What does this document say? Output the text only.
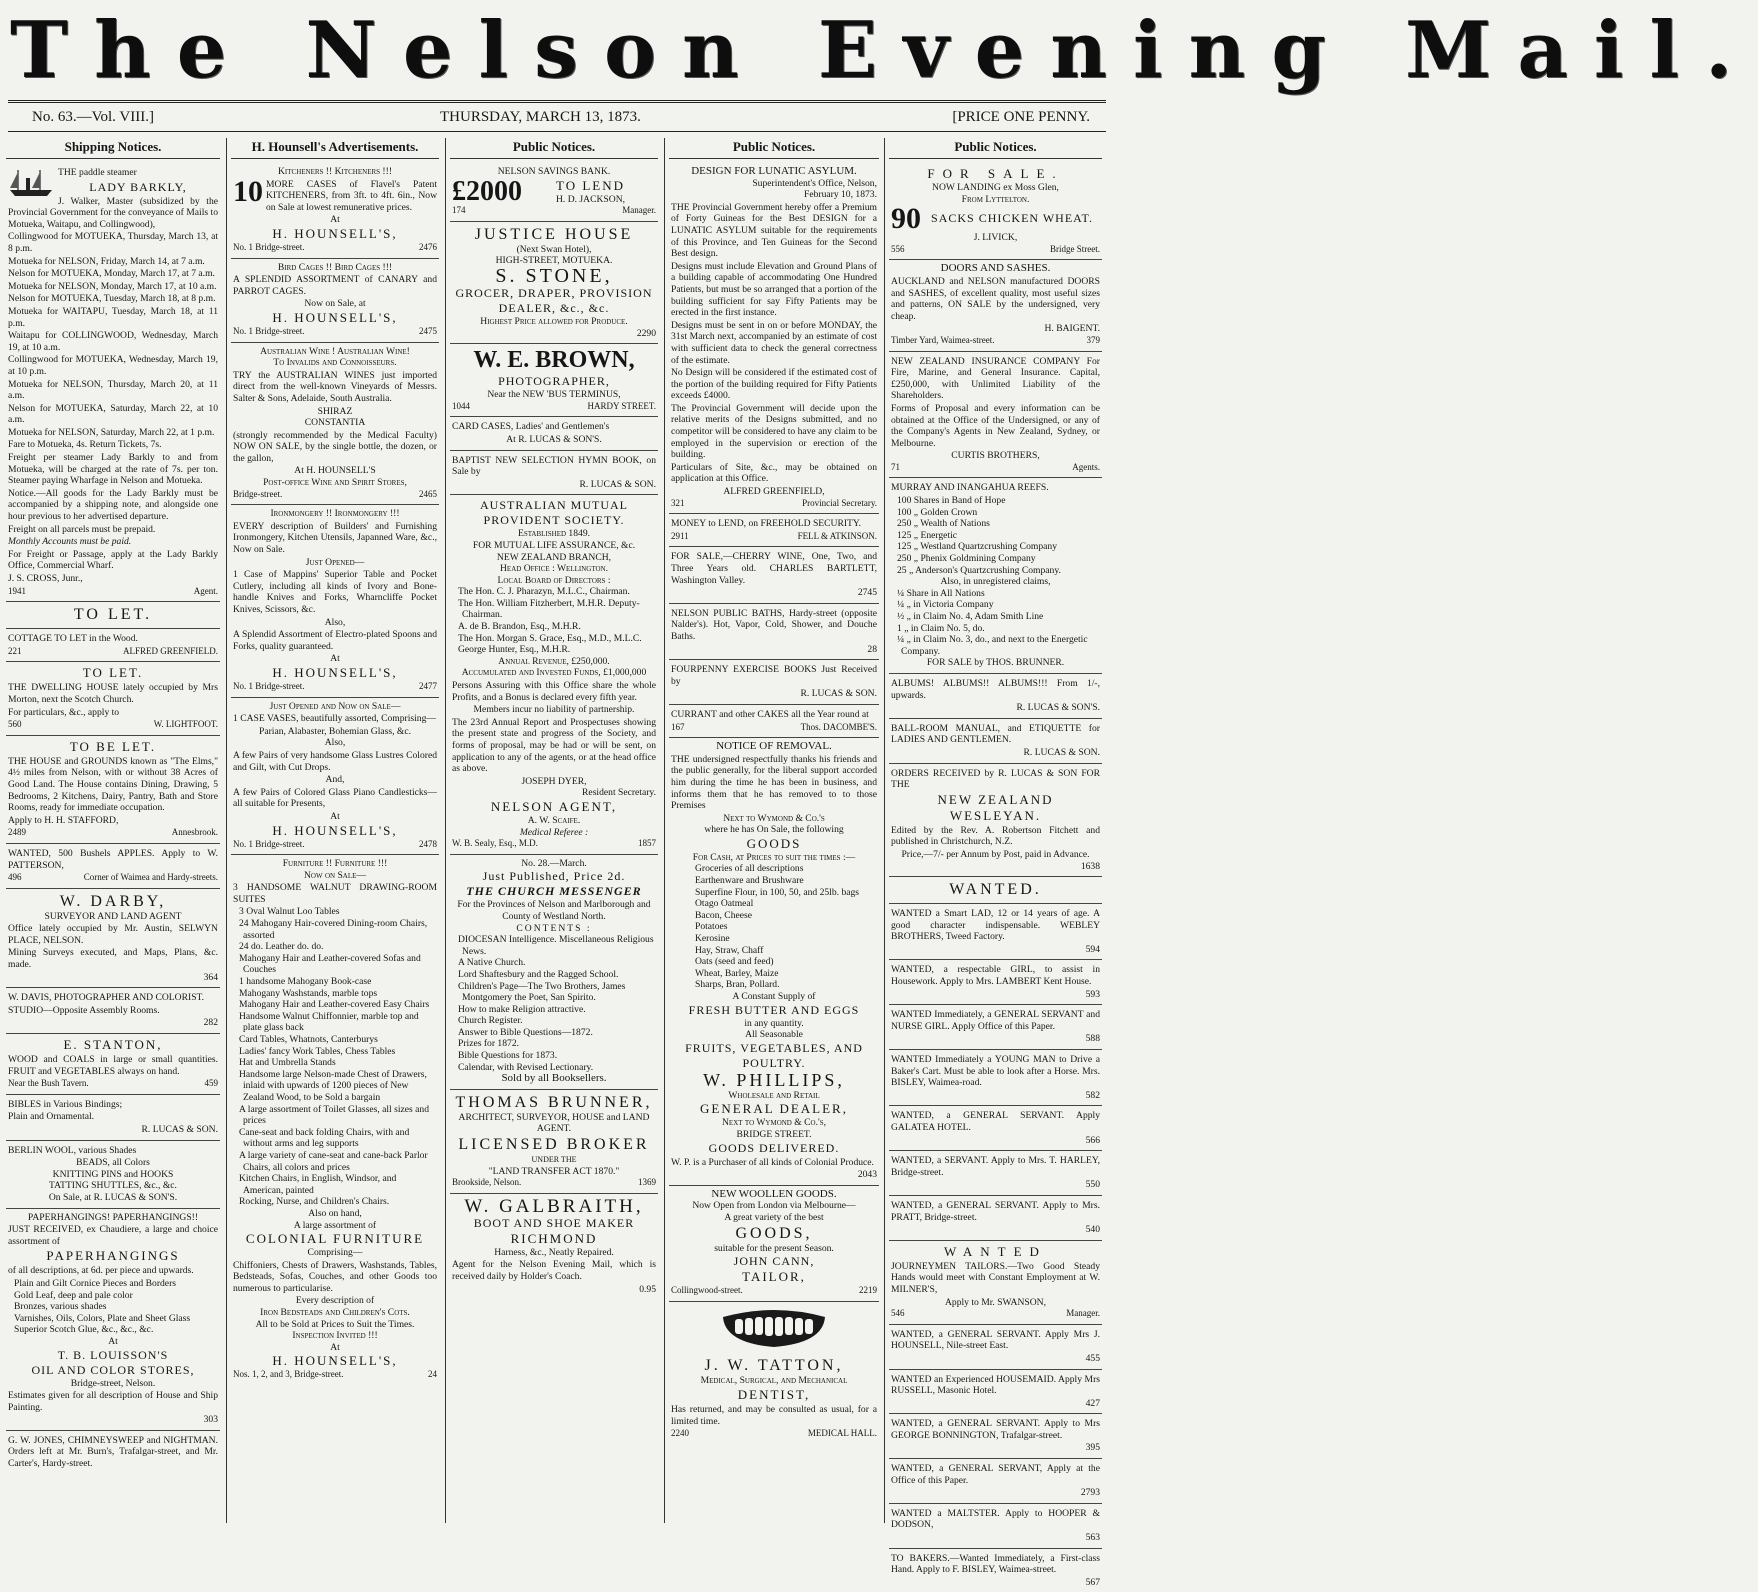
The Nelson Evening Mail.
No. 63.—Vol. VIII.]	THURSDAY, MARCH 13, 1873.	[PRICE ONE PENNY.
Shipping Notices.
THE paddle steamer
LADY BARKLY,
J. Walker, Master (subsidized by the Provincial Government for the conveyance of Mails to Motueka, Waitapu, and Collingwood),
Collingwood for MOTUEKA, Thursday, March 13, at 8 p.m.
Motueka for NELSON, Friday, March 14, at 7 a.m.
Nelson for MOTUEKA, Monday, March 17, at 7 a.m.
Motueka for NELSON, Monday, March 17, at 10 a.m.
Nelson for MOTUEKA, Tuesday, March 18, at 8 p.m.
Motueka for WAITAPU, Tuesday, March 18, at 11 p.m.
Waitapu for COLLINGWOOD, Wednesday, March 19, at 10 a.m.
Collingwood for MOTUEKA, Wednesday, March 19, at 10 p.m.
Motueka for NELSON, Thursday, March 20, at 11 a.m.
Nelson for MOTUEKA, Saturday, March 22, at 10 a.m.
Motueka for NELSON, Saturday, March 22, at 1 p.m.
Fare to Motueka, 4s. Return Tickets, 7s.
Freight per steamer Lady Barkly to and from Motueka, will be charged at the rate of 7s. per ton. Steamer paying Wharfage in Nelson and Motueka.
Notice.—All goods for the Lady Barkly must be accompanied by a shipping note, and alongside one hour previous to her advertised departure.
Freight on all parcels must be prepaid.
Monthly Accounts must be paid.
For Freight or Passage, apply at the Lady Barkly Office, Commercial Wharf.
J. S. CROSS, Junr.,
1941	Agent.
TO LET.
COTTAGE TO LET in the Wood.
221	ALFRED GREENFIELD.
TO LET.
THE DWELLING HOUSE lately occupied by Mrs Morton, next the Scotch Church.
For particulars, &c., apply to
560	W. LIGHTFOOT.
TO BE LET.
THE HOUSE and GROUNDS known as "The Elms," 4½ miles from Nelson, with or without 38 Acres of Good Land. The House contains Dining, Drawing, 5 Bedrooms, 2 Kitchens, Dairy, Pantry, Bath and Store Rooms, ready for immediate occupation.
Apply to H. H. STAFFORD,
2489	Annesbrook.
WANTED, 500 Bushels APPLES. Apply to W. PATTERSON,
496	Corner of Waimea and Hardy-streets.
W. DARBY,
SURVEYOR AND LAND AGENT
Office lately occupied by Mr. Austin, SELWYN PLACE, NELSON.
Mining Surveys executed, and Maps, Plans, &c. made.
364
W. DAVIS, PHOTOGRAPHER AND COLORIST.
STUDIO—Opposite Assembly Rooms.
282
E. STANTON,
WOOD and COALS in large or small quantities. FRUIT and VEGETABLES always on hand.
Near the Bush Tavern.	459
BIBLES in Various Bindings;
Plain and Ornamental.
R. LUCAS & SON.
BERLIN WOOL, various Shades
BEADS, all Colors
KNITTING PINS and HOOKS
TATTING SHUTTLES, &c., &c.
On Sale, at R. LUCAS & SON'S.
PAPERHANGINGS! PAPERHANGINGS!!
JUST RECEIVED, ex Chaudiere, a large and choice assortment of
PAPERHANGINGS
of all descriptions, at 6d. per piece and upwards.
Plain and Gilt Cornice Pieces and Borders
Gold Leaf, deep and pale color
Bronzes, various shades
Varnishes, Oils, Colors, Plate and Sheet Glass
Superior Scotch Glue, &c., &c., &c.
At
T. B. LOUISSON'S
OIL AND COLOR STORES,
Bridge-street, Nelson.
Estimates given for all description of House and Ship Painting.
303
G. W. JONES, CHIMNEYSWEEP and NIGHTMAN. Orders left at Mr. Burn's, Trafalgar-street, and Mr. Carter's, Hardy-street.
H. Hounsell's Advertisements.
Kitcheners !! Kitcheners !!!
10 MORE CASES of Flavel's Patent KITCHENERS, from 3ft. to 4ft. 6in., Now on Sale at lowest remunerative prices.
At
H. HOUNSELL'S,
No. 1 Bridge-street.	2476
Bird Cages !! Bird Cages !!!
A SPLENDID ASSORTMENT of CANARY and PARROT CAGES.
Now on Sale, at
H. HOUNSELL'S,
No. 1 Bridge-street.	2475
Australian Wine ! Australian Wine!
To Invalids and Connoisseurs.
TRY the AUSTRALIAN WINES just imported direct from the well-known Vineyards of Messrs. Salter & Sons, Adelaide, South Australia.
SHIRAZ
CONSTANTIA
(strongly recommended by the Medical Faculty) NOW ON SALE, by the single bottle, the dozen, or the gallon,
At H. HOUNSELL'S
Post-office Wine and Spirit Stores,
Bridge-street.	2465
Ironmongery !! Ironmongery !!!
EVERY description of Builders' and Furnishing Ironmongery, Kitchen Utensils, Japanned Ware, &c., Now on Sale.
Just Opened—
1 Case of Mappins' Superior Table and Pocket Cutlery, including all kinds of Ivory and Bone-handle Knives and Forks, Wharncliffe Pocket Knives, Scissors, &c.
Also,
A Splendid Assortment of Electro-plated Spoons and Forks, quality guaranteed.
At
H. HOUNSELL'S,
No. 1 Bridge-street.	2477
Just Opened and Now on Sale—
1 CASE VASES, beautifully assorted, Comprising—
Parian, Alabaster, Bohemian Glass, &c.
Also,
A few Pairs of very handsome Glass Lustres Colored and Gilt, with Cut Drops.
And,
A few Pairs of Colored Glass Piano Candlesticks—all suitable for Presents,
At
H. HOUNSELL'S,
No. 1 Bridge-street.	2478
Furniture !! Furniture !!!
Now on Sale—
3 HANDSOME WALNUT DRAWING-ROOM SUITES
3 Oval Walnut Loo Tables
24 Mahogany Hair-covered Dining-room Chairs, assorted
24 do. Leather do. do.
Mahogany Hair and Leather-covered Sofas and Couches
1 handsome Mahogany Book-case
Mahogany Washstands, marble tops
Mahogany Hair and Leather-covered Easy Chairs
Handsome Walnut Chiffonnier, marble top and plate glass back
Card Tables, Whatnots, Canterburys
Ladies' fancy Work Tables, Chess Tables
Hat and Umbrella Stands
Handsome large Nelson-made Chest of Drawers, inlaid with upwards of 1200 pieces of New Zealand Wood, to be Sold a bargain
A large assortment of Toilet Glasses, all sizes and prices
Cane-seat and back folding Chairs, with and without arms and leg supports
A large variety of cane-seat and cane-back Parlor Chairs, all colors and prices
Kitchen Chairs, in English, Windsor, and American, painted
Rocking, Nurse, and Children's Chairs.
Also on hand,
A large assortment of
COLONIAL FURNITURE
Comprising—
Chiffoniers, Chests of Drawers, Washstands, Tables, Bedsteads, Sofas, Couches, and other Goods too numerous to particularise.
Every description of
Iron Bedsteads and Children's Cots.
All to be Sold at Prices to Suit the Times.
Inspection Invited !!!
At
H. HOUNSELL'S,
Nos. 1, 2, and 3, Bridge-street.	24
Public Notices.
NELSON SAVINGS BANK.
£2000	TO LEND
H. D. JACKSON,
174	Manager.
JUSTICE HOUSE
(Next Swan Hotel),
HIGH-STREET, MOTUEKA.
S. STONE,
GROCER, DRAPER, PROVISION DEALER, &c., &c.
Highest Price allowed for Produce.
2290
W. E. BROWN,
PHOTOGRAPHER,
Near the NEW 'BUS TERMINUS,
1044	HARDY STREET.
CARD CASES, Ladies' and Gentlemen's
At R. LUCAS & SON'S.
BAPTIST NEW SELECTION HYMN BOOK, on Sale by
R. LUCAS & SON.
AUSTRALIAN MUTUAL PROVIDENT SOCIETY.
Established 1849.
FOR MUTUAL LIFE ASSURANCE, &c.
NEW ZEALAND BRANCH,
Head Office : Wellington.
Local Board of Directors :
The Hon. C. J. Pharazyn, M.L.C., Chairman.
The Hon. William Fitzherbert, M.H.R. Deputy-Chairman.
A. de B. Brandon, Esq., M.H.R.
The Hon. Morgan S. Grace, Esq., M.D., M.L.C.
George Hunter, Esq., M.H.R.
Annual Revenue, £250,000.
Accumulated and Invested Funds, £1,000,000
Persons Assuring with this Office share the whole Profits, and a Bonus is declared every fifth year.
Members incur no liability of partnership.
The 23rd Annual Report and Prospectuses showing the present state and progress of the Society, and forms of proposal, may be had or will be sent, on application to any of the agents, or at the head office as above.
JOSEPH DYER,
Resident Secretary.
NELSON AGENT,
A. W. Scaife.
Medical Referee :
W. B. Sealy, Esq., M.D.	1857
No. 28.—March.
Just Published, Price 2d.
THE CHURCH MESSENGER
For the Provinces of Nelson and Marlborough and County of Westland North.
CONTENTS :
DIOCESAN Intelligence. Miscellaneous Religious News.
A Native Church.
Lord Shaftesbury and the Ragged School.
Children's Page—The Two Brothers, James Montgomery the Poet, San Spirito.
How to make Religion attractive.
Church Register.
Answer to Bible Questions—1872.
Prizes for 1872.
Bible Questions for 1873.
Calendar, with Revised Lectionary.
Sold by all Booksellers.
THOMAS BRUNNER,
ARCHITECT, SURVEYOR, HOUSE and LAND AGENT.
LICENSED BROKER
UNDER THE
"LAND TRANSFER ACT 1870."
Brookside, Nelson.	1369
W. GALBRAITH,
BOOT AND SHOE MAKER
RICHMOND
Harness, &c., Neatly Repaired.
Agent for the Nelson Evening Mail, which is received daily by Holder's Coach.
0.95
Public Notices.
DESIGN FOR LUNATIC ASYLUM.
Superintendent's Office, Nelson,
February 10, 1873.
THE Provincial Government hereby offer a Premium of Forty Guineas for the Best DESIGN for a LUNATIC ASYLUM suitable for the requirements of this Province, and Ten Guineas for the Second Best design.
Designs must include Elevation and Ground Plans of a building capable of accommodating One Hundred Patients, but must be so arranged that a portion of the building sufficient for say Fifty Patients may be erected in the first instance.
Designs must be sent in on or before MONDAY, the 31st March next, accompanied by an estimate of cost with sufficient data to check the general correctness of the estimate.
No Design will be considered if the estimated cost of the portion of the building required for Fifty Patients exceeds £4000.
The Provincial Government will decide upon the relative merits of the Designs submitted, and no competitor will be considered to have any claim to be employed in the supervision or erection of the building.
Particulars of Site, &c., may be obtained on application at this Office.
ALFRED GREENFIELD,
321	Provincial Secretary.
MONEY to LEND, on FREEHOLD SECURITY.
2911	FELL & ATKINSON.
FOR SALE,—CHERRY WINE, One, Two, and Three Years old. CHARLES BARTLETT, Washington Valley.
2745
NELSON PUBLIC BATHS, Hardy-street (opposite Nalder's). Hot, Vapor, Cold, Shower, and Douche Baths.
28
FOURPENNY EXERCISE BOOKS Just Received by
R. LUCAS & SON.
CURRANT and other CAKES all the Year round at
167	Thos. DACOMBE'S.
NOTICE OF REMOVAL.
THE undersigned respectfully thanks his friends and the public generally, for the liberal support accorded him during the time he has been in business, and informs them that he has removed to to those Premises
Next to Wymond & Co.'s
where he has On Sale, the following
GOODS
For Cash, at Prices to suit the times :—
Groceries of all descriptions
Earthenware and Brushware
Superfine Flour, in 100, 50, and 25lb. bags
Otago Oatmeal
Bacon, Cheese
Potatoes
Kerosine
Hay, Straw, Chaff
Oats (seed and feed)
Wheat, Barley, Maize
Sharps, Bran, Pollard.
A Constant Supply of
FRESH BUTTER AND EGGS
in any quantity.
All Seasonable
FRUITS, VEGETABLES, AND POULTRY.
W. PHILLIPS,
Wholesale and Retail
GENERAL DEALER,
Next to Wymond & Co.'s,
BRIDGE STREET.
GOODS DELIVERED.
W. P. is a Purchaser of all kinds of Colonial Produce.
2043
NEW WOOLLEN GOODS.
Now Open from London via Melbourne—
A great variety of the best
GOODS,
suitable for the present Season.
JOHN CANN,
TAILOR,
Collingwood-street.	2219
J. W. TATTON,
Medical, Surgical, and Mechanical
DENTIST,
Has returned, and may be consulted as usual, for a limited time.
2240	MEDICAL HALL.
Public Notices.
FOR SALE.
NOW LANDING ex Moss Glen,
From Lyttelton.
90 SACKS CHICKEN WHEAT.
J. LIVICK,
556	Bridge Street.
DOORS AND SASHES.
AUCKLAND and NELSON manufactured DOORS and SASHES, of excellent quality, most useful sizes and patterns, ON SALE by the undersigned, very cheap.
H. BAIGENT.
Timber Yard, Waimea-street.	379
NEW ZEALAND INSURANCE COMPANY For Fire, Marine, and General Insurance. Capital, £250,000, with Unlimited Liability of the Shareholders.
Forms of Proposal and every information can be obtained at the Office of the Undersigned, or any of the Company's Agents in New Zealand, Sydney, or Melbourne.
CURTIS BROTHERS,
71	Agents.
MURRAY AND INANGAHUA REEFS.
100 Shares in Band of Hope
100 „ Golden Crown
250 „ Wealth of Nations
125 „ Energetic
125 „ Westland Quartzcrushing Company
250 „ Phenix Goldmining Company
25 „ Anderson's Quartzcrushing Company.
Also, in unregistered claims,
¼ Share in All Nations
¼ „ in Victoria Company
½ „ in Claim No. 4, Adam Smith Line
1 „ in Claim No. 5, do.
¼ „ in Claim No. 3, do., and next to the Energetic Company.
FOR SALE by THOS. BRUNNER.
ALBUMS! ALBUMS!! ALBUMS!!! From 1/-, upwards.
R. LUCAS & SON'S.
BALL-ROOM MANUAL, and ETIQUETTE for LADIES AND GENTLEMEN.
R. LUCAS & SON.
ORDERS RECEIVED by R. LUCAS & SON FOR THE
NEW ZEALAND WESLEYAN.
Edited by the Rev. A. Robertson Fitchett and published in Christchurch, N.Z.
Price,—7/- per Annum by Post, paid in Advance.
1638
WANTED.
WANTED a Smart LAD, 12 or 14 years of age. A good character indispensable. WEBLEY BROTHERS, Tweed Factory.
594
WANTED, a respectable GIRL, to assist in Housework. Apply to Mrs. LAMBERT Kent House.
593
WANTED Immediately, a GENERAL SERVANT and NURSE GIRL. Apply Office of this Paper.
588
WANTED Immediately a YOUNG MAN to Drive a Baker's Cart. Must be able to look after a Horse. Mrs. BISLEY, Waimea-road.
582
WANTED, a GENERAL SERVANT. Apply GALATEA HOTEL.
566
WANTED, a SERVANT. Apply to Mrs. T. HARLEY, Bridge-street.
550
WANTED, a GENERAL SERVANT. Apply to Mrs. PRATT, Bridge-street.
540
WANTED
JOURNEYMEN TAILORS.—Two Good Steady Hands would meet with Constant Employment at W. MILNER'S,
Apply to Mr. SWANSON,
546	Manager.
WANTED, a GENERAL SERVANT. Apply Mrs J. HOUNSELL, Nile-street East.
455
WANTED an Experienced HOUSEMAID. Apply Mrs RUSSELL, Masonic Hotel.
427
WANTED, a GENERAL SERVANT. Apply to Mrs GEORGE BONNINGTON, Trafalgar-street.
395
WANTED, a GENERAL SERVANT, Apply at the Office of this Paper.
2793
WANTED a MALTSTER. Apply to HOOPER & DODSON,
563
TO BAKERS.—Wanted Immediately, a First-class Hand. Apply to F. BISLEY, Waimea-street.
567
